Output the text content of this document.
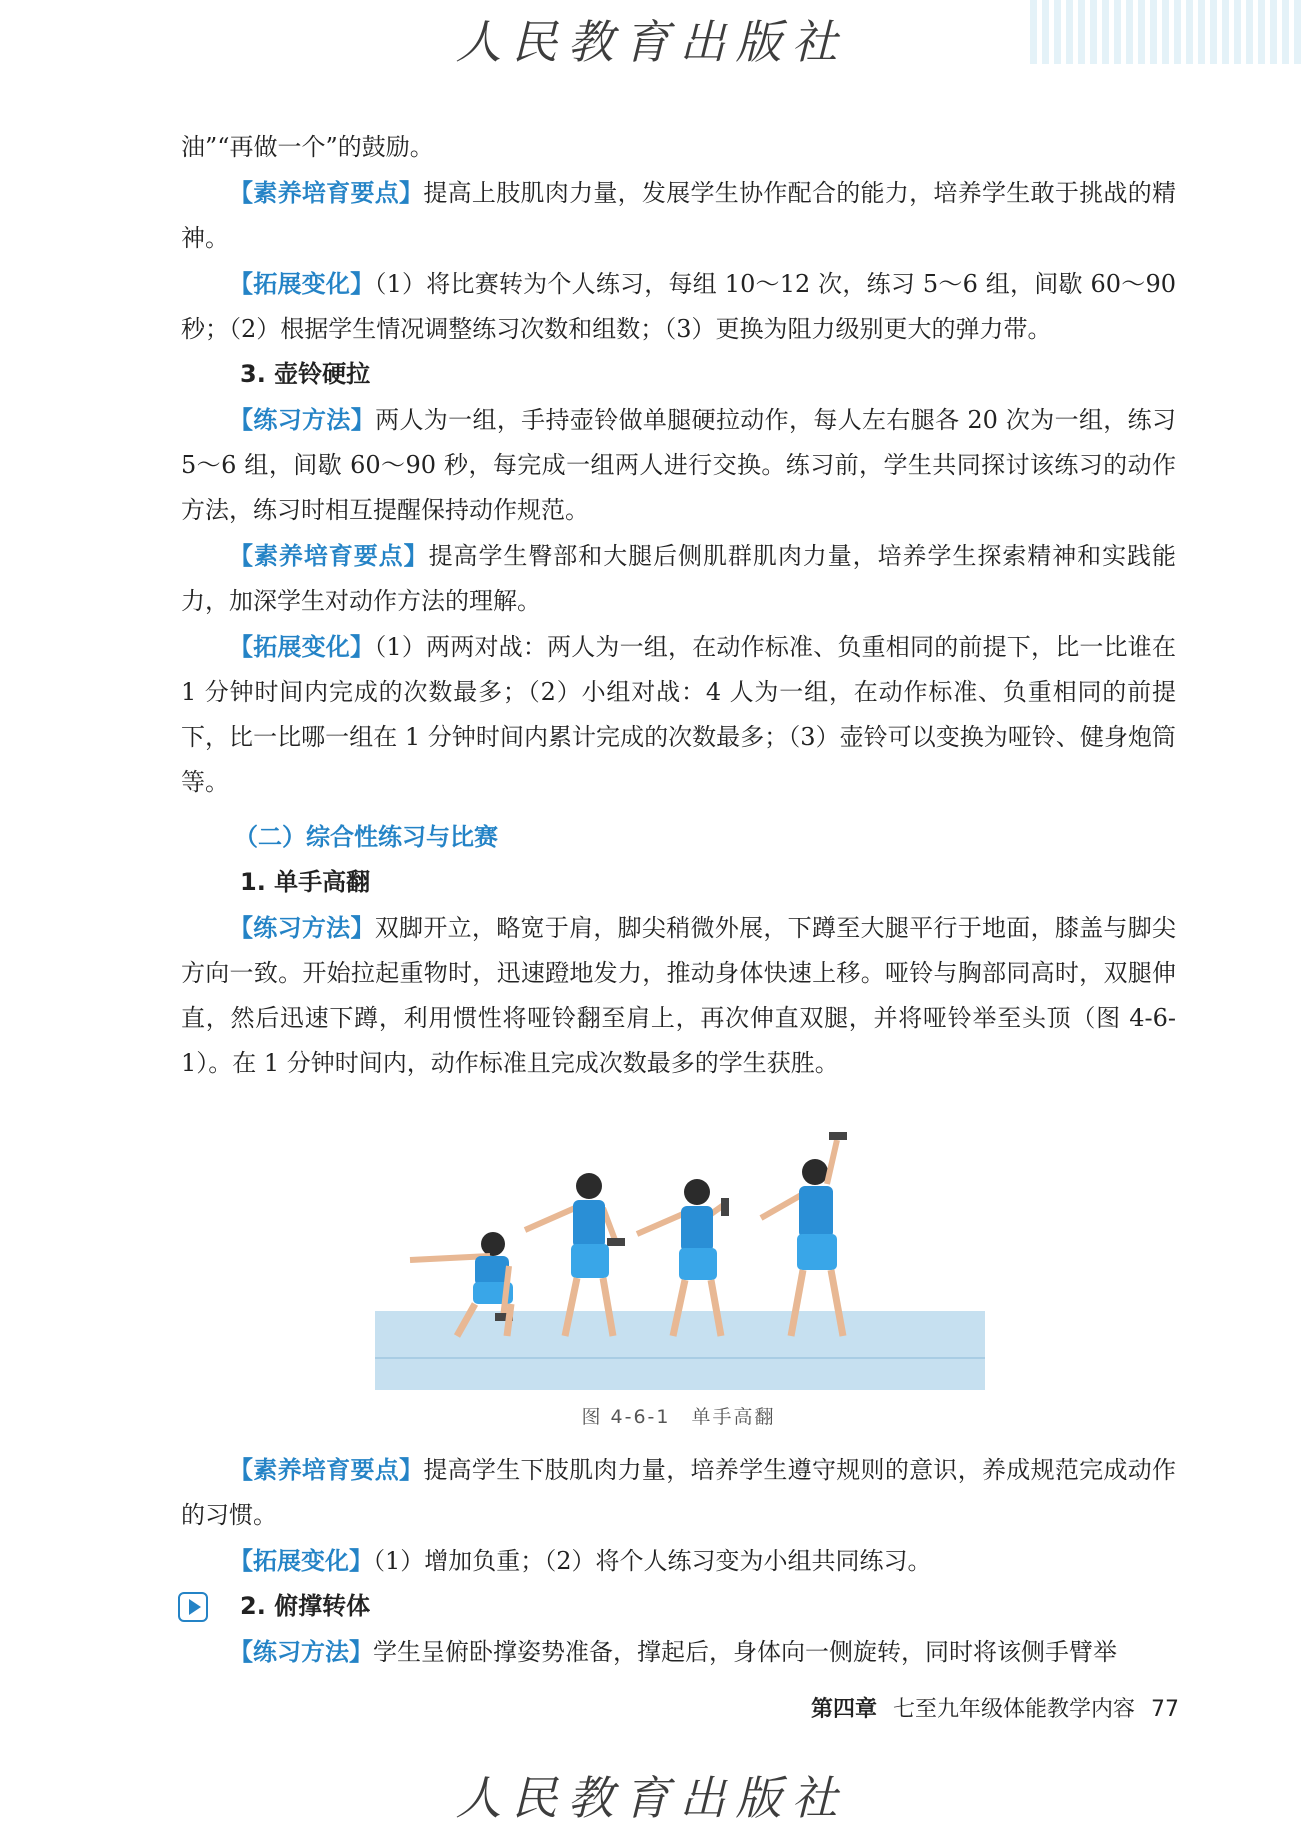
人民教育出版社

油”“再做一个”的鼓励。

【素养培育要点】提高上肢肌肉力量，发展学生协作配合的能力，培养学生敢于挑战的精神。

【拓展变化】（1）将比赛转为个人练习，每组 10～12 次，练习 5～6 组，间歇 60～90 秒；（2）根据学生情况调整练习次数和组数；（3）更换为阻力级别更大的弹力带。

3. 壶铃硬拉

【练习方法】两人为一组，手持壶铃做单腿硬拉动作，每人左右腿各 20 次为一组，练习 5～6 组，间歇 60～90 秒，每完成一组两人进行交换。练习前，学生共同探讨该练习的动作方法，练习时相互提醒保持动作规范。

【素养培育要点】提高学生臀部和大腿后侧肌群肌肉力量，培养学生探索精神和实践能力，加深学生对动作方法的理解。

【拓展变化】（1）两两对战：两人为一组，在动作标准、负重相同的前提下，比一比谁在 1 分钟时间内完成的次数最多；（2）小组对战：4 人为一组，在动作标准、负重相同的前提下，比一比哪一组在 1 分钟时间内累计完成的次数最多；（3）壶铃可以变换为哑铃、健身炮筒等。

（二）综合性练习与比赛

1. 单手高翻

【练习方法】双脚开立，略宽于肩，脚尖稍微外展，下蹲至大腿平行于地面，膝盖与脚尖方向一致。开始拉起重物时，迅速蹬地发力，推动身体快速上移。哑铃与胸部同高时，双腿伸直，然后迅速下蹲，利用惯性将哑铃翻至肩上，再次伸直双腿，并将哑铃举至头顶（图 4-6-1）。在 1 分钟时间内，动作标准且完成次数最多的学生获胜。

图 4-6-1　单手高翻

【素养培育要点】提高学生下肢肌肉力量，培养学生遵守规则的意识，养成规范完成动作的习惯。

【拓展变化】（1）增加负重；（2）将个人练习变为小组共同练习。

2. 俯撑转体

【练习方法】学生呈俯卧撑姿势准备，撑起后，身体向一侧旋转，同时将该侧手臂举

第四章 七至九年级体能教学内容 77
人民教育出版社
